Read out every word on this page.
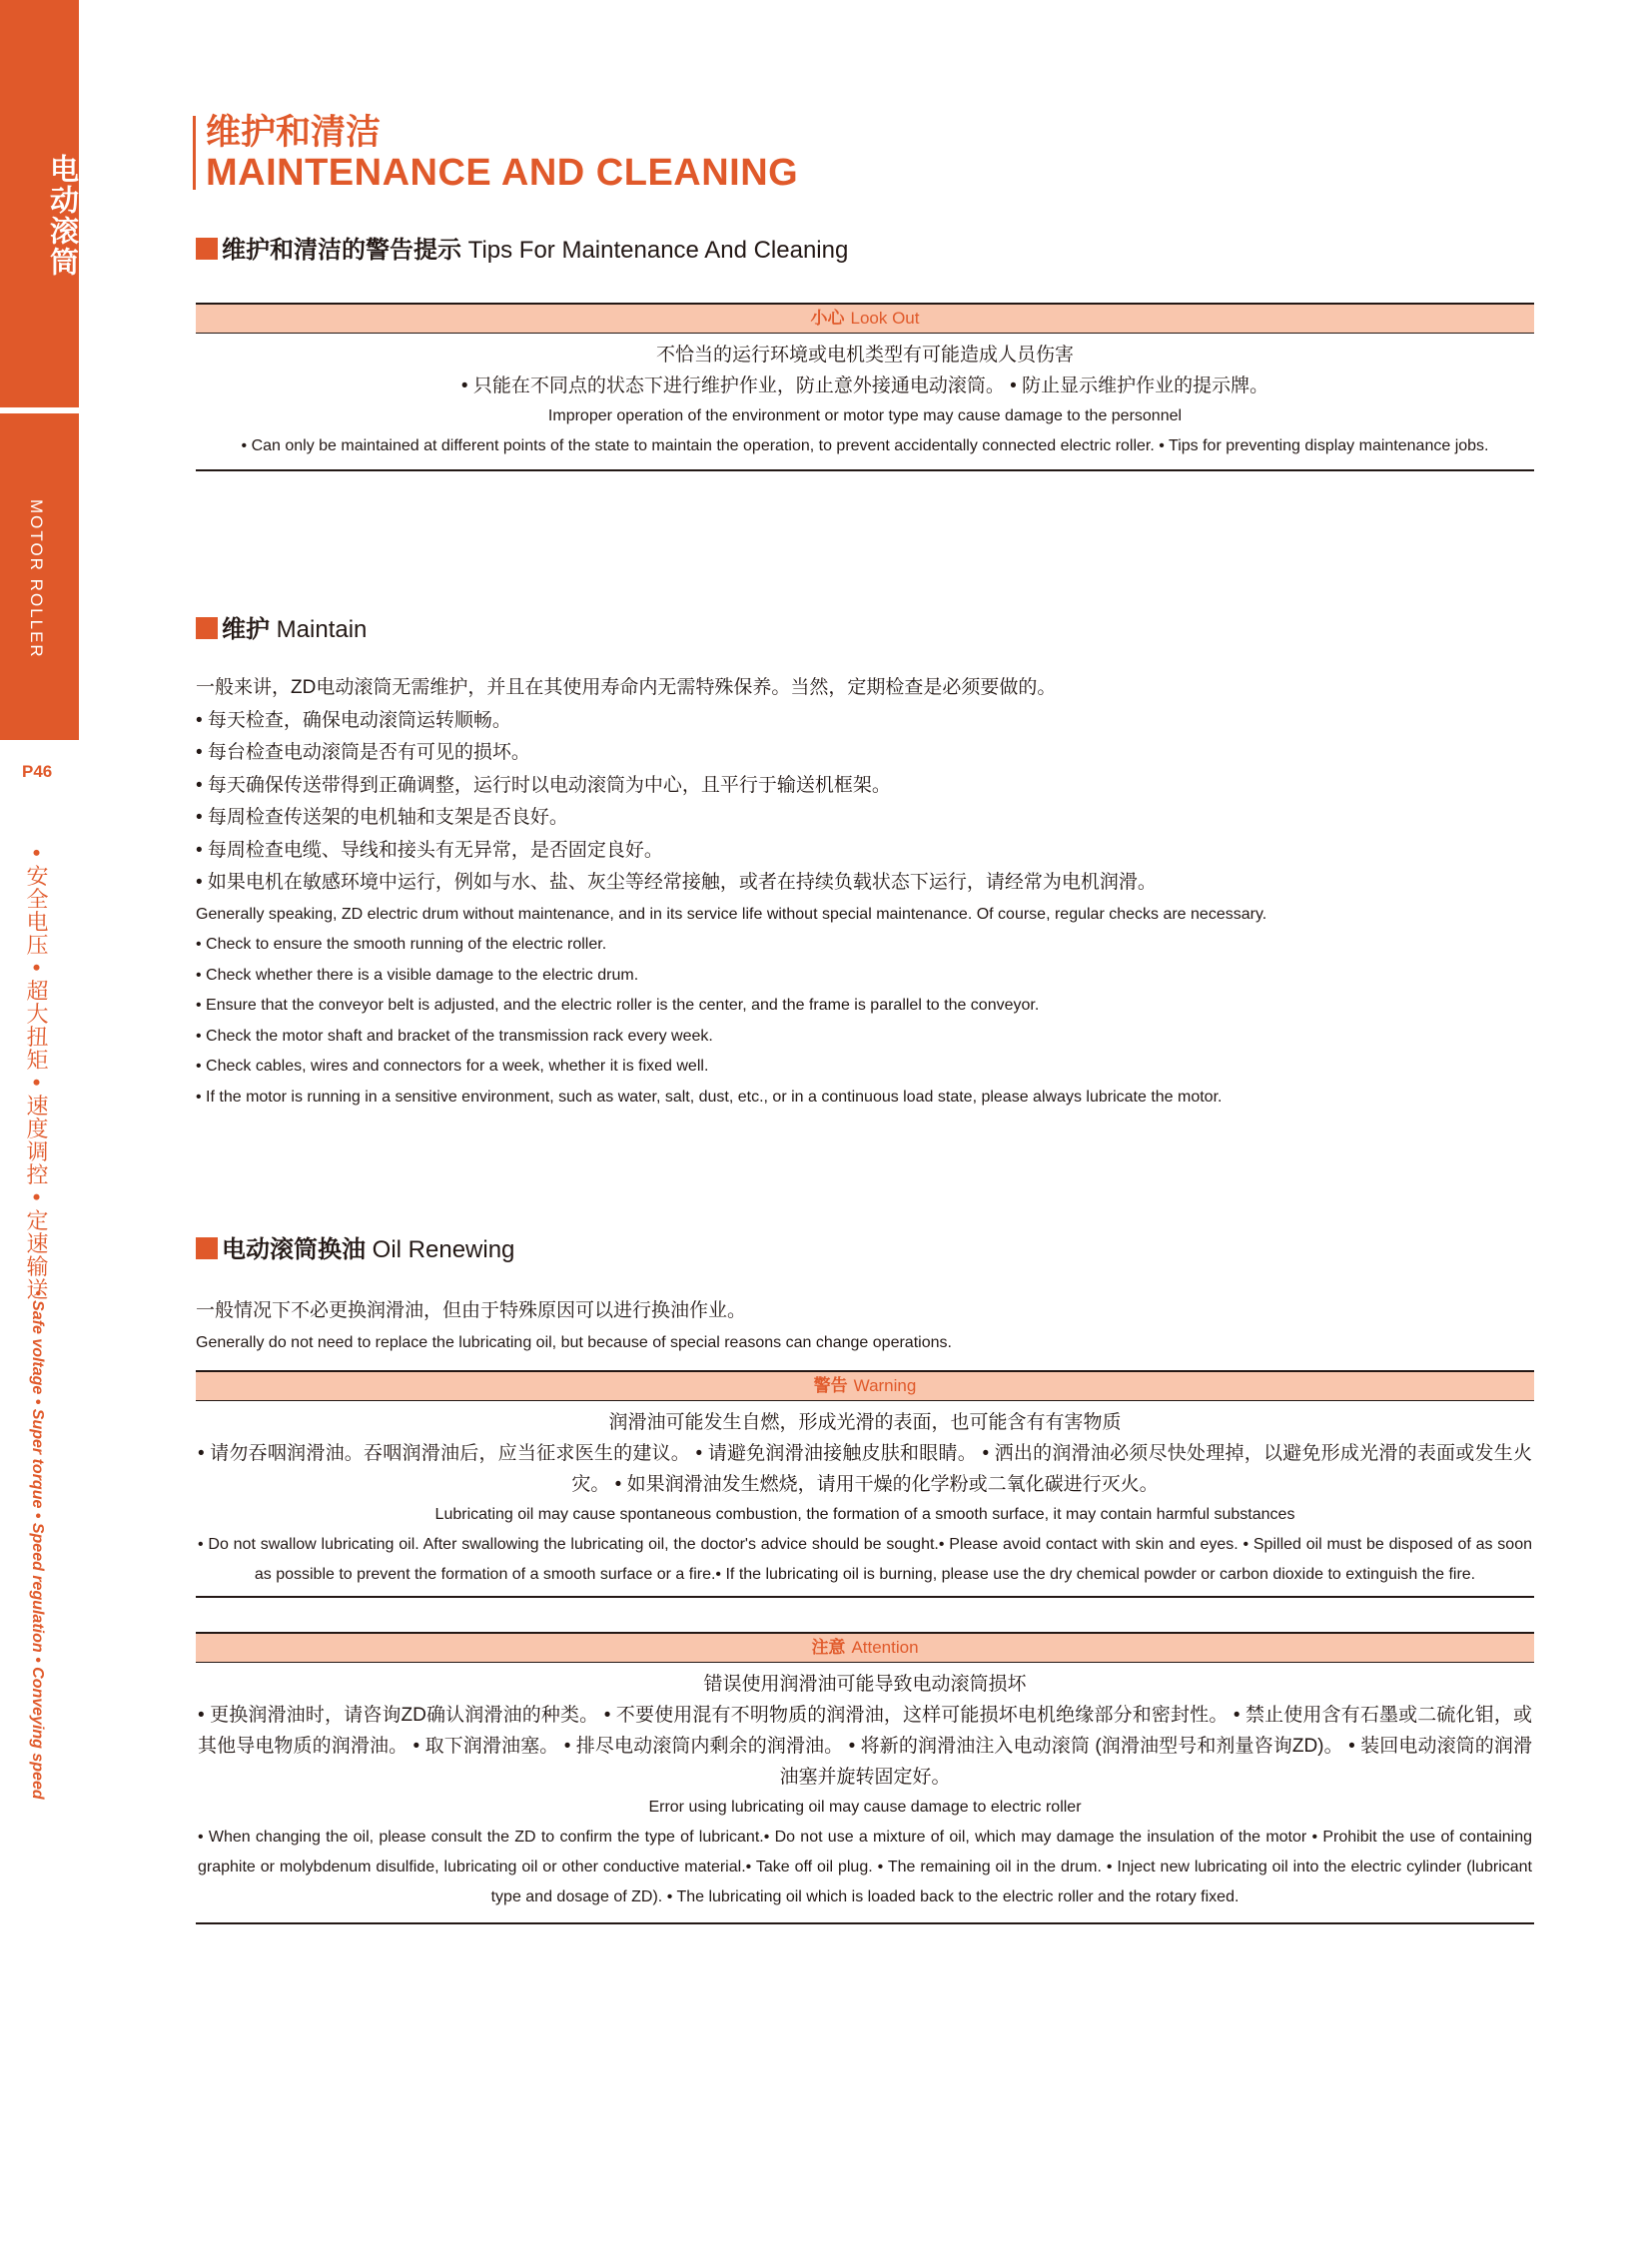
电动滚筒
MOTOR ROLLER
P46
• 安全电压 • 超大扭矩 • 速度调控 • 定速输送
• Safe voltage • Super torque • Speed regulation • Conveying speed
维护和清洁
MAINTENANCE AND CLEANING
维护和清洁的警告提示 Tips For Maintenance And Cleaning
小心 Look Out

不恰当的运行环境或电机类型有可能造成人员伤害

• 只能在不同点的状态下进行维护作业，防止意外接通电动滚筒。 • 防止显示维护作业的提示牌。

Improper operation of the environment or motor type may cause damage to the personnel

• Can only be maintained at different points of the state to maintain the operation, to prevent accidentally connected electric roller. • Tips for preventing display maintenance jobs.

维护 Maintain
一般来讲，ZD电动滚筒无需维护，并且在其使用寿命内无需特殊保养。当然，定期检查是必须要做的。
• 每天检查，确保电动滚筒运转顺畅。
• 每台检查电动滚筒是否有可见的损坏。
• 每天确保传送带得到正确调整，运行时以电动滚筒为中心，且平行于输送机框架。
• 每周检查传送架的电机轴和支架是否良好。
• 每周检查电缆、导线和接头有无异常，是否固定良好。
• 如果电机在敏感环境中运行，例如与水、盐、灰尘等经常接触，或者在持续负载状态下运行，请经常为电机润滑。
Generally speaking, ZD electric drum without maintenance, and in its service life without special maintenance. Of course, regular checks are necessary.
• Check to ensure the smooth running of the electric roller.
• Check whether there is a visible damage to the electric drum.
• Ensure that the conveyor belt is adjusted, and the electric roller is the center, and the frame is parallel to the conveyor.
• Check the motor shaft and bracket of the transmission rack every week.
• Check cables, wires and connectors for a week, whether it is fixed well.
• If the motor is running in a sensitive environment, such as water, salt, dust, etc., or in a continuous load state, please always lubricate the motor.
电动滚筒换油 Oil Renewing
一般情况下不必更换润滑油，但由于特殊原因可以进行换油作业。
Generally do not need to replace the lubricating oil, but because of special reasons can change operations.
警告 Warning

润滑油可能发生自燃，形成光滑的表面，也可能含有有害物质

• 请勿吞咽润滑油。吞咽润滑油后，应当征求医生的建议。 • 请避免润滑油接触皮肤和眼睛。 • 洒出的润滑油必须尽快处理掉，以避免形成光滑的表面或发生火灾。 • 如果润滑油发生燃烧，请用干燥的化学粉或二氧化碳进行灭火。

Lubricating oil may cause spontaneous combustion, the formation of a smooth surface, it may contain harmful substances

• Do not swallow lubricating oil. After swallowing the lubricating oil, the doctor's advice should be sought.• Please avoid contact with skin and eyes. • Spilled oil must be disposed of as soon as possible to prevent the formation of a smooth surface or a fire.• If the lubricating oil is burning, please use the dry chemical powder or carbon dioxide to extinguish the fire.

注意 Attention

错误使用润滑油可能导致电动滚筒损坏

• 更换润滑油时，请咨询ZD确认润滑油的种类。 • 不要使用混有不明物质的润滑油，这样可能损坏电机绝缘部分和密封性。 • 禁止使用含有石墨或二硫化钼，或其他导电物质的润滑油。 • 取下润滑油塞。 • 排尽电动滚筒内剩余的润滑油。 • 将新的润滑油注入电动滚筒 (润滑油型号和剂量咨询ZD)。 • 装回电动滚筒的润滑油塞并旋转固定好。

Error using lubricating oil may cause damage to electric roller

• When changing the oil, please consult the ZD to confirm the type of lubricant.• Do not use a mixture of oil, which may damage the insulation of the motor • Prohibit the use of containing graphite or molybdenum disulfide, lubricating oil or other conductive material.• Take off oil plug. • The remaining oil in the drum. • Inject new lubricating oil into the electric cylinder (lubricant type and dosage of ZD). • The lubricating oil which is loaded back to the electric roller and the rotary fixed.
